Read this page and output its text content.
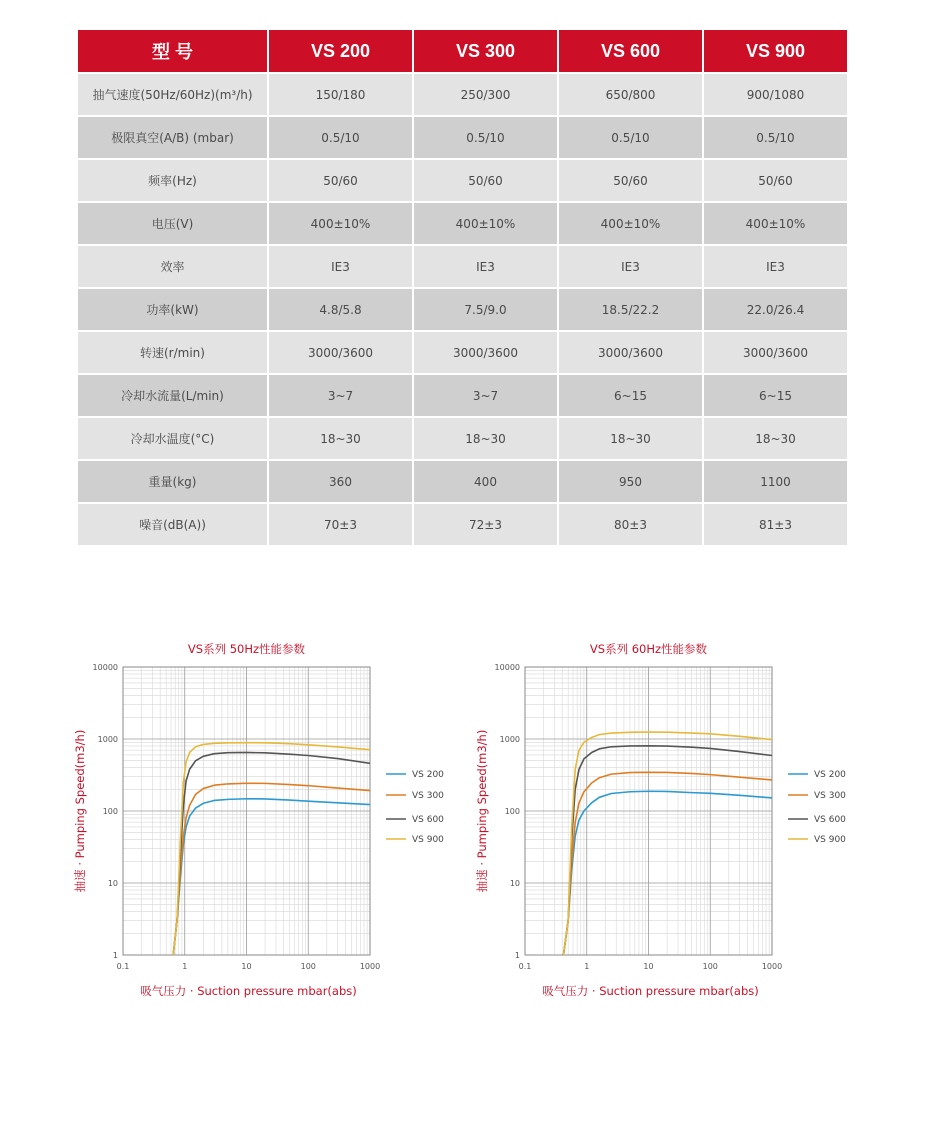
型 号	VS 200	VS 300	VS 600	VS 900
抽气速度(50Hz/60Hz)(m³/h)	150/180	250/300	650/800	900/1080
极限真空(A/B) (mbar)	0.5/10	0.5/10	0.5/10	0.5/10
频率(Hz)	50/60	50/60	50/60	50/60
电压(V)	400±10%	400±10%	400±10%	400±10%
效率	IE3	IE3	IE3	IE3
功率(kW)	4.8/5.8	7.5/9.0	18.5/22.2	22.0/26.4
转速(r/min)	3000/3600	3000/3600	3000/3600	3000/3600
冷却水流量(L/min)	3~7	3~7	6~15	6~15
冷却水温度(°C)	18~30	18~30	18~30	18~30
重量(kg)	360	400	950	1100
噪音(dB(A))	70±3	72±3	80±3	81±3
VS系列 50Hz性能参数
0.1	1	10	100	1000
1
10
100
1000
10000
吸气压力 · Suction pressure mbar(abs)
抽速 · Pumping Speed(m3/h)	VS 200
VS 300
VS 600
VS 900
VS系列 60Hz性能参数
0.1	1	10	100	1000
1
10
100
1000
10000
吸气压力 · Suction pressure mbar(abs)
抽速 · Pumping Speed(m3/h)	VS 200
VS 300
VS 600
VS 900
